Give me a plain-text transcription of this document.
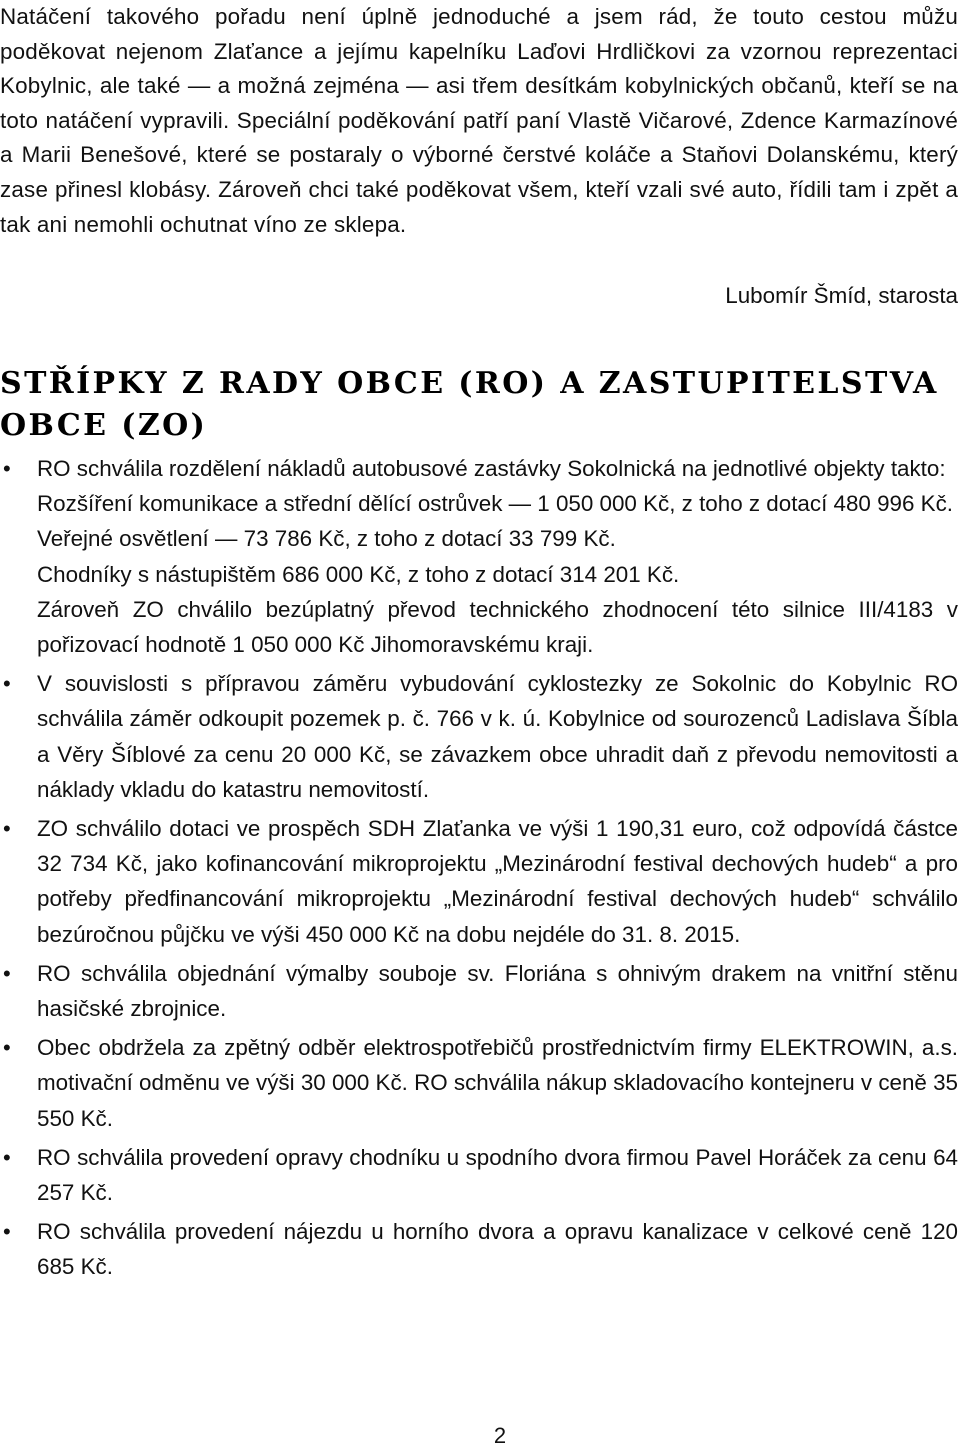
Natáčení takového pořadu není úplně jednoduché a jsem rád, že touto cestou můžu poděkovat nejenom Zlaťance a jejímu kapelníku Laďovi Hrdličkovi za vzornou reprezentaci Kobylnic, ale také — a možná zejména — asi třem desítkám kobylnických občanů, kteří se na toto natáčení vypravili. Speciální poděkování patří paní Vlastě Vičarové, Zdence Karmazínové a Marii Benešové, které se postaraly o výborné čerstvé koláče a Staňovi Dolanskému, který zase přinesl klobásy. Zároveň chci také poděkovat všem, kteří vzali své auto, řídili tam i zpět a tak ani nemohli ochutnat víno ze sklepa.

Lubomír Šmíd, starosta

STŘÍPKY Z RADY OBCE (RO) A ZASTUPITELSTVA OBCE (ZO)
• RO schválila rozdělení nákladů autobusové zastávky Sokolnická na jednotlivé objekty takto:

Rozšíření komunikace a střední dělící ostrůvek — 1 050 000 Kč, z toho z dotací 480 996 Kč.

Veřejné osvětlení — 73 786 Kč, z toho z dotací 33 799 Kč.

Chodníky s nástupištěm 686 000 Kč, z toho z dotací 314 201 Kč.

Zároveň ZO chválilo bezúplatný převod technického zhodnocení této silnice III/4183 v pořizovací hodnotě 1 050 000 Kč Jihomoravskému kraji.

• V souvislosti s přípravou záměru vybudování cyklostezky ze Sokolnic do Kobylnic RO schválila záměr odkoupit pozemek p. č. 766 v k. ú. Kobylnice od sourozenců Ladislava Šíbla a Věry Šíblové za cenu 20 000 Kč, se závazkem obce uhradit daň z převodu nemovitosti a náklady vkladu do katastru nemovitostí.

• ZO schválilo dotaci ve prospěch SDH Zlaťanka ve výši 1 190,31 euro, což odpovídá částce 32 734 Kč, jako kofinancování mikroprojektu „Mezinárodní festival dechových hudeb“ a pro potřeby předfinancování mikroprojektu „Mezinárodní festival dechových hudeb“ schválilo bezúročnou půjčku ve výši 450 000 Kč na dobu nejdéle do 31. 8. 2015.

• RO schválila objednání výmalby souboje sv. Floriána s ohnivým drakem na vnitřní stěnu hasičské zbrojnice.

• Obec obdržela za zpětný odběr elektrospotřebičů prostřednictvím firmy ELEKTROWIN, a.s. motivační odměnu ve výši 30 000 Kč. RO schválila nákup skladovacího kontejneru v ceně 35 550 Kč.

• RO schválila provedení opravy chodníku u spodního dvora firmou Pavel Horáček za cenu 64 257 Kč.

• RO schválila provedení nájezdu u horního dvora a opravu kanalizace v celkové ceně 120 685 Kč.

2
